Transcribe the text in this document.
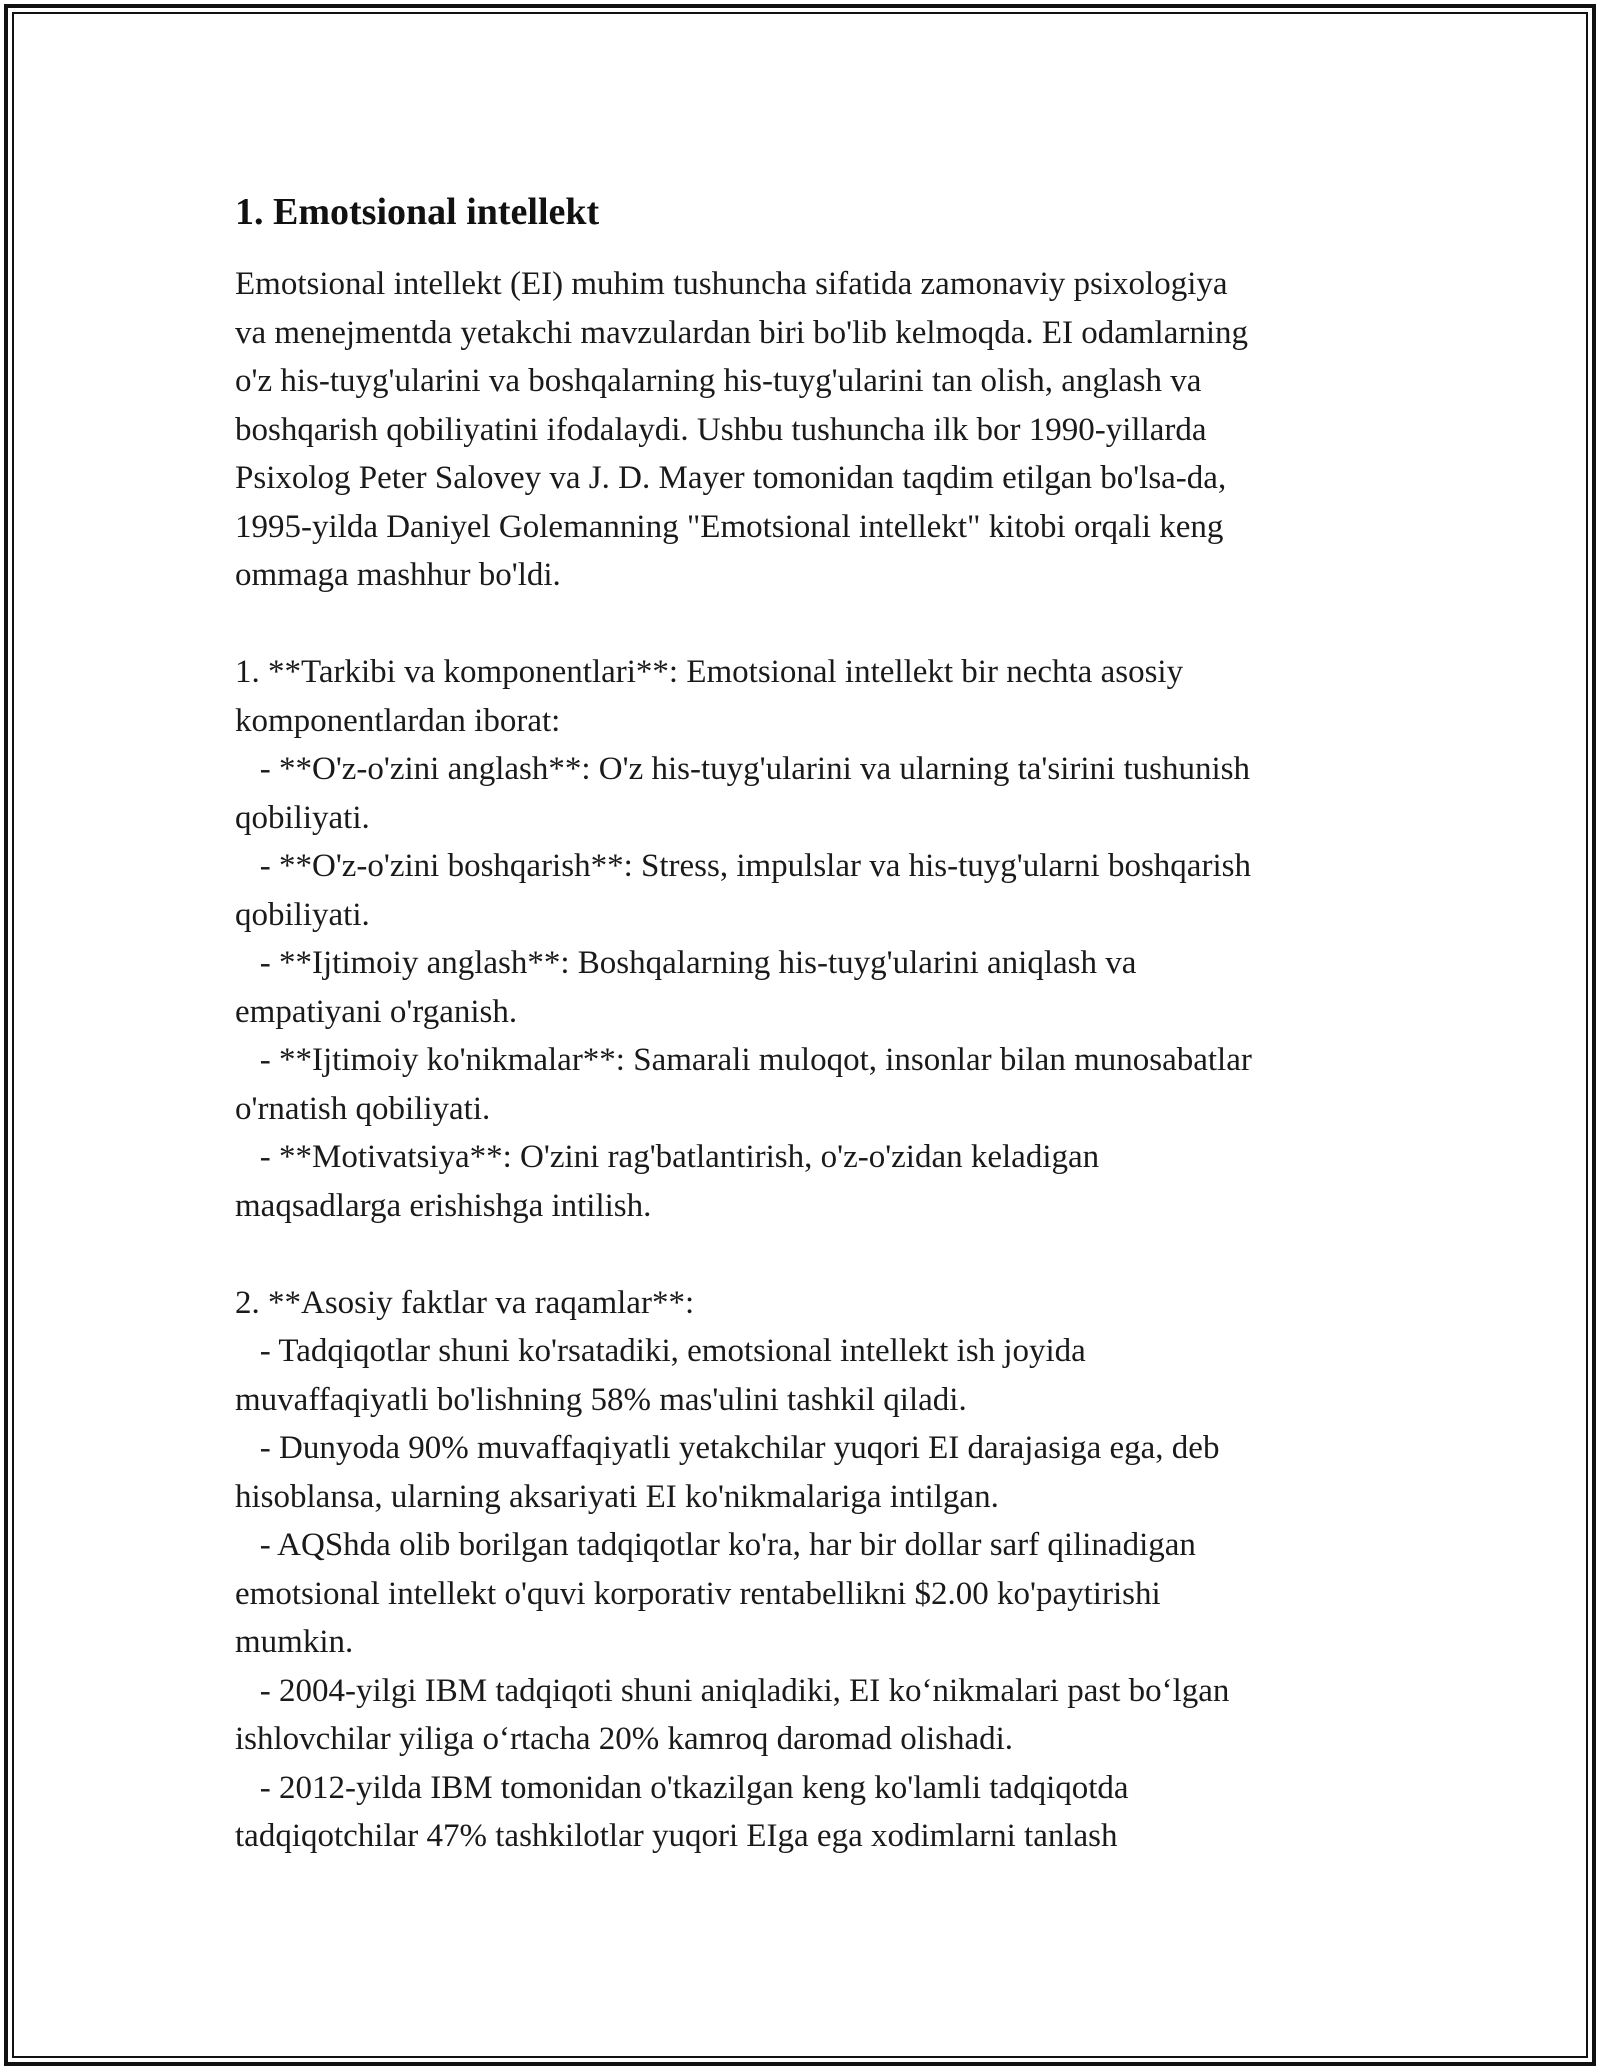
1. Emotsional intellekt

Emotsional intellekt (EI) muhim tushuncha sifatida zamonaviy psixologiya
va menejmentda yetakchi mavzulardan biri bo'lib kelmoqda. EI odamlarning
o'z his-tuyg'ularini va boshqalarning his-tuyg'ularini tan olish, anglash va
boshqarish qobiliyatini ifodalaydi. Ushbu tushuncha ilk bor 1990-yillarda
Psixolog Peter Salovey va J. D. Mayer tomonidan taqdim etilgan bo'lsa-da,
1995-yilda Daniyel Golemanning "Emotsional intellekt" kitobi orqali keng
ommaga mashhur bo'ldi.

1. **Tarkibi va komponentlari**: Emotsional intellekt bir nechta asosiy
komponentlardan iborat:
- **O'z-o'zini anglash**: O'z his-tuyg'ularini va ularning ta'sirini tushunish
qobiliyati.
- **O'z-o'zini boshqarish**: Stress, impulslar va his-tuyg'ularni boshqarish
qobiliyati.
- **Ijtimoiy anglash**: Boshqalarning his-tuyg'ularini aniqlash va
empatiyani o'rganish.
- **Ijtimoiy ko'nikmalar**: Samarali muloqot, insonlar bilan munosabatlar
o'rnatish qobiliyati.
- **Motivatsiya**: O'zini rag'batlantirish, o'z-o'zidan keladigan
maqsadlarga erishishga intilish.

2. **Asosiy faktlar va raqamlar**:
- Tadqiqotlar shuni ko'rsatadiki, emotsional intellekt ish joyida
muvaffaqiyatli bo'lishning 58% mas'ulini tashkil qiladi.
- Dunyoda 90% muvaffaqiyatli yetakchilar yuqori EI darajasiga ega, deb
hisoblansa, ularning aksariyati EI ko'nikmalariga intilgan.
- AQShda olib borilgan tadqiqotlar ko'ra, har bir dollar sarf qilinadigan
emotsional intellekt o'quvi korporativ rentabellikni $2.00 ko'paytirishi
mumkin.
- 2004-yilgi IBM tadqiqoti shuni aniqladiki, EI ko‘nikmalari past bo‘lgan
ishlovchilar yiliga o‘rtacha 20% kamroq daromad olishadi.
- 2012-yilda IBM tomonidan o'tkazilgan keng ko'lamli tadqiqotda
tadqiqotchilar 47% tashkilotlar yuqori EIga ega xodimlarni tanlash
